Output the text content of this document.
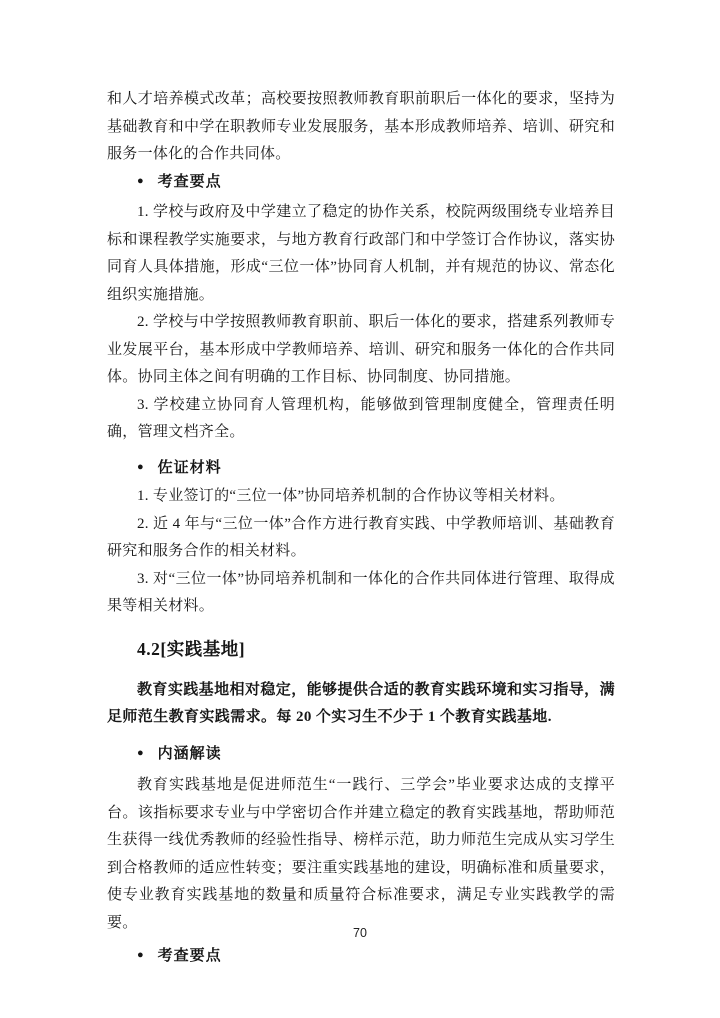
和人才培养模式改革；高校要按照教师教育职前职后一体化的要求，坚持为基础教育和中学在职教师专业发展服务，基本形成教师培养、培训、研究和服务一体化的合作共同体。

● 考查要点

1. 学校与政府及中学建立了稳定的协作关系，校院两级围绕专业培养目标和课程教学实施要求，与地方教育行政部门和中学签订合作协议，落实协同育人具体措施，形成“三位一体”协同育人机制，并有规范的协议、常态化组织实施措施。

2. 学校与中学按照教师教育职前、职后一体化的要求，搭建系列教师专业发展平台，基本形成中学教师培养、培训、研究和服务一体化的合作共同体。协同主体之间有明确的工作目标、协同制度、协同措施。

3. 学校建立协同育人管理机构，能够做到管理制度健全，管理责任明确，管理文档齐全。

● 佐证材料

1. 专业签订的“三位一体”协同培养机制的合作协议等相关材料。

2. 近 4 年与“三位一体”合作方进行教育实践、中学教师培训、基础教育研究和服务合作的相关材料。

3. 对“三位一体”协同培养机制和一体化的合作共同体进行管理、取得成果等相关材料。

4.2[实践基地]

教育实践基地相对稳定，能够提供合适的教育实践环境和实习指导，满足师范生教育实践需求。每 20 个实习生不少于 1 个教育实践基地.

● 内涵解读

教育实践基地是促进师范生“一践行、三学会”毕业要求达成的支撑平台。该指标要求专业与中学密切合作并建立稳定的教育实践基地，帮助师范生获得一线优秀教师的经验性指导、榜样示范，助力师范生完成从实习学生到合格教师的适应性转变；要注重实践基地的建设，明确标准和质量要求，使专业教育实践基地的数量和质量符合标准要求，满足专业实践教学的需要。

● 考查要点
70
